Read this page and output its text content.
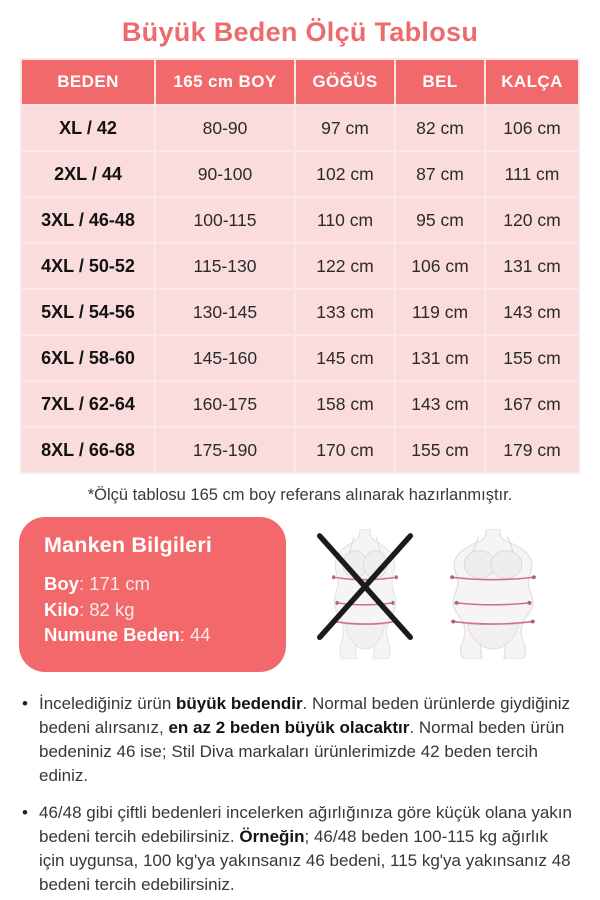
Büyük Beden Ölçü Tablosu
BEDEN	165 cm BOY	GÖĞÜS	BEL	KALÇA
XL / 42	80-90	97 cm	82 cm	106 cm
2XL / 44	90-100	102 cm	87 cm	111 cm
3XL / 46-48	100-115	110 cm	95 cm	120 cm
4XL / 50-52	115-130	122 cm	106 cm	131 cm
5XL / 54-56	130-145	133 cm	119 cm	143 cm
6XL / 58-60	145-160	145 cm	131 cm	155 cm
7XL / 62-64	160-175	158 cm	143 cm	167 cm
8XL / 66-68	175-190	170 cm	155 cm	179 cm
*Ölçü tablosu 165 cm boy referans alınarak hazırlanmıştır.
Manken Bilgileri
Boy: 171 cm
Kilo: 82 kg
Numune Beden: 44
• İncelediğiniz ürün büyük bedendir. Normal beden ürünlerde giydiğiniz bedeni alırsanız, en az 2 beden büyük olacaktır. Normal beden ürün bedeniniz 46 ise; Stil Diva markaları ürünlerimizde 42 beden tercih ediniz.
• 46/48 gibi çiftli bedenleri incelerken ağırlığınıza göre küçük olana yakın bedeni tercih edebilirsiniz. Örneğin; 46/48 beden 100-115 kg ağırlık için uygunsa, 100 kg'ya yakınsanız 46 bedeni, 115 kg'ya yakınsanız 48 bedeni tercih edebilirsiniz.
